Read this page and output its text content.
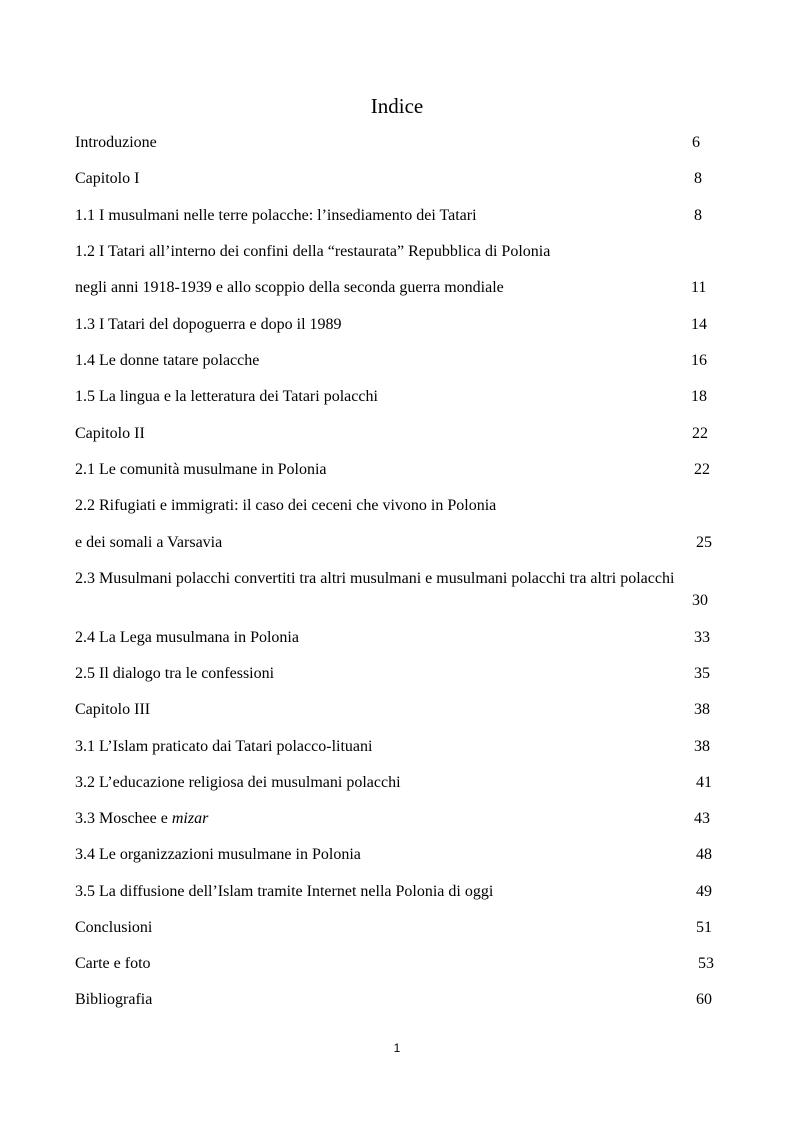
Indice
Introduzione	6
Capitolo I	8
1.1 I musulmani nelle terre polacche: l’insediamento dei Tatari	8
1.2 I Tatari all’interno dei confini della “restaurata” Repubblica di Polonia
negli anni 1918-1939 e allo scoppio della seconda guerra mondiale	11
1.3 I Tatari del dopoguerra e dopo il 1989	14
1.4 Le donne tatare polacche	16
1.5 La lingua e la letteratura dei Tatari polacchi	18
Capitolo II	22
2.1 Le comunità musulmane in Polonia	22
2.2 Rifugiati e immigrati: il caso dei ceceni che vivono in Polonia
e dei somali a Varsavia	25
2.3 Musulmani polacchi convertiti tra altri musulmani e musulmani polacchi tra altri polacchi
30
2.4 La Lega musulmana in Polonia	33
2.5 Il dialogo tra le confessioni	35
Capitolo III	38
3.1 L’Islam praticato dai Tatari polacco-lituani	38
3.2 L’educazione religiosa dei musulmani polacchi	41
3.3 Moschee e mizar	43
3.4 Le organizzazioni musulmane in Polonia	48
3.5 La diffusione dell’Islam tramite Internet nella Polonia di oggi	49
Conclusioni	51
Carte e foto	53
Bibliografia	60
1
